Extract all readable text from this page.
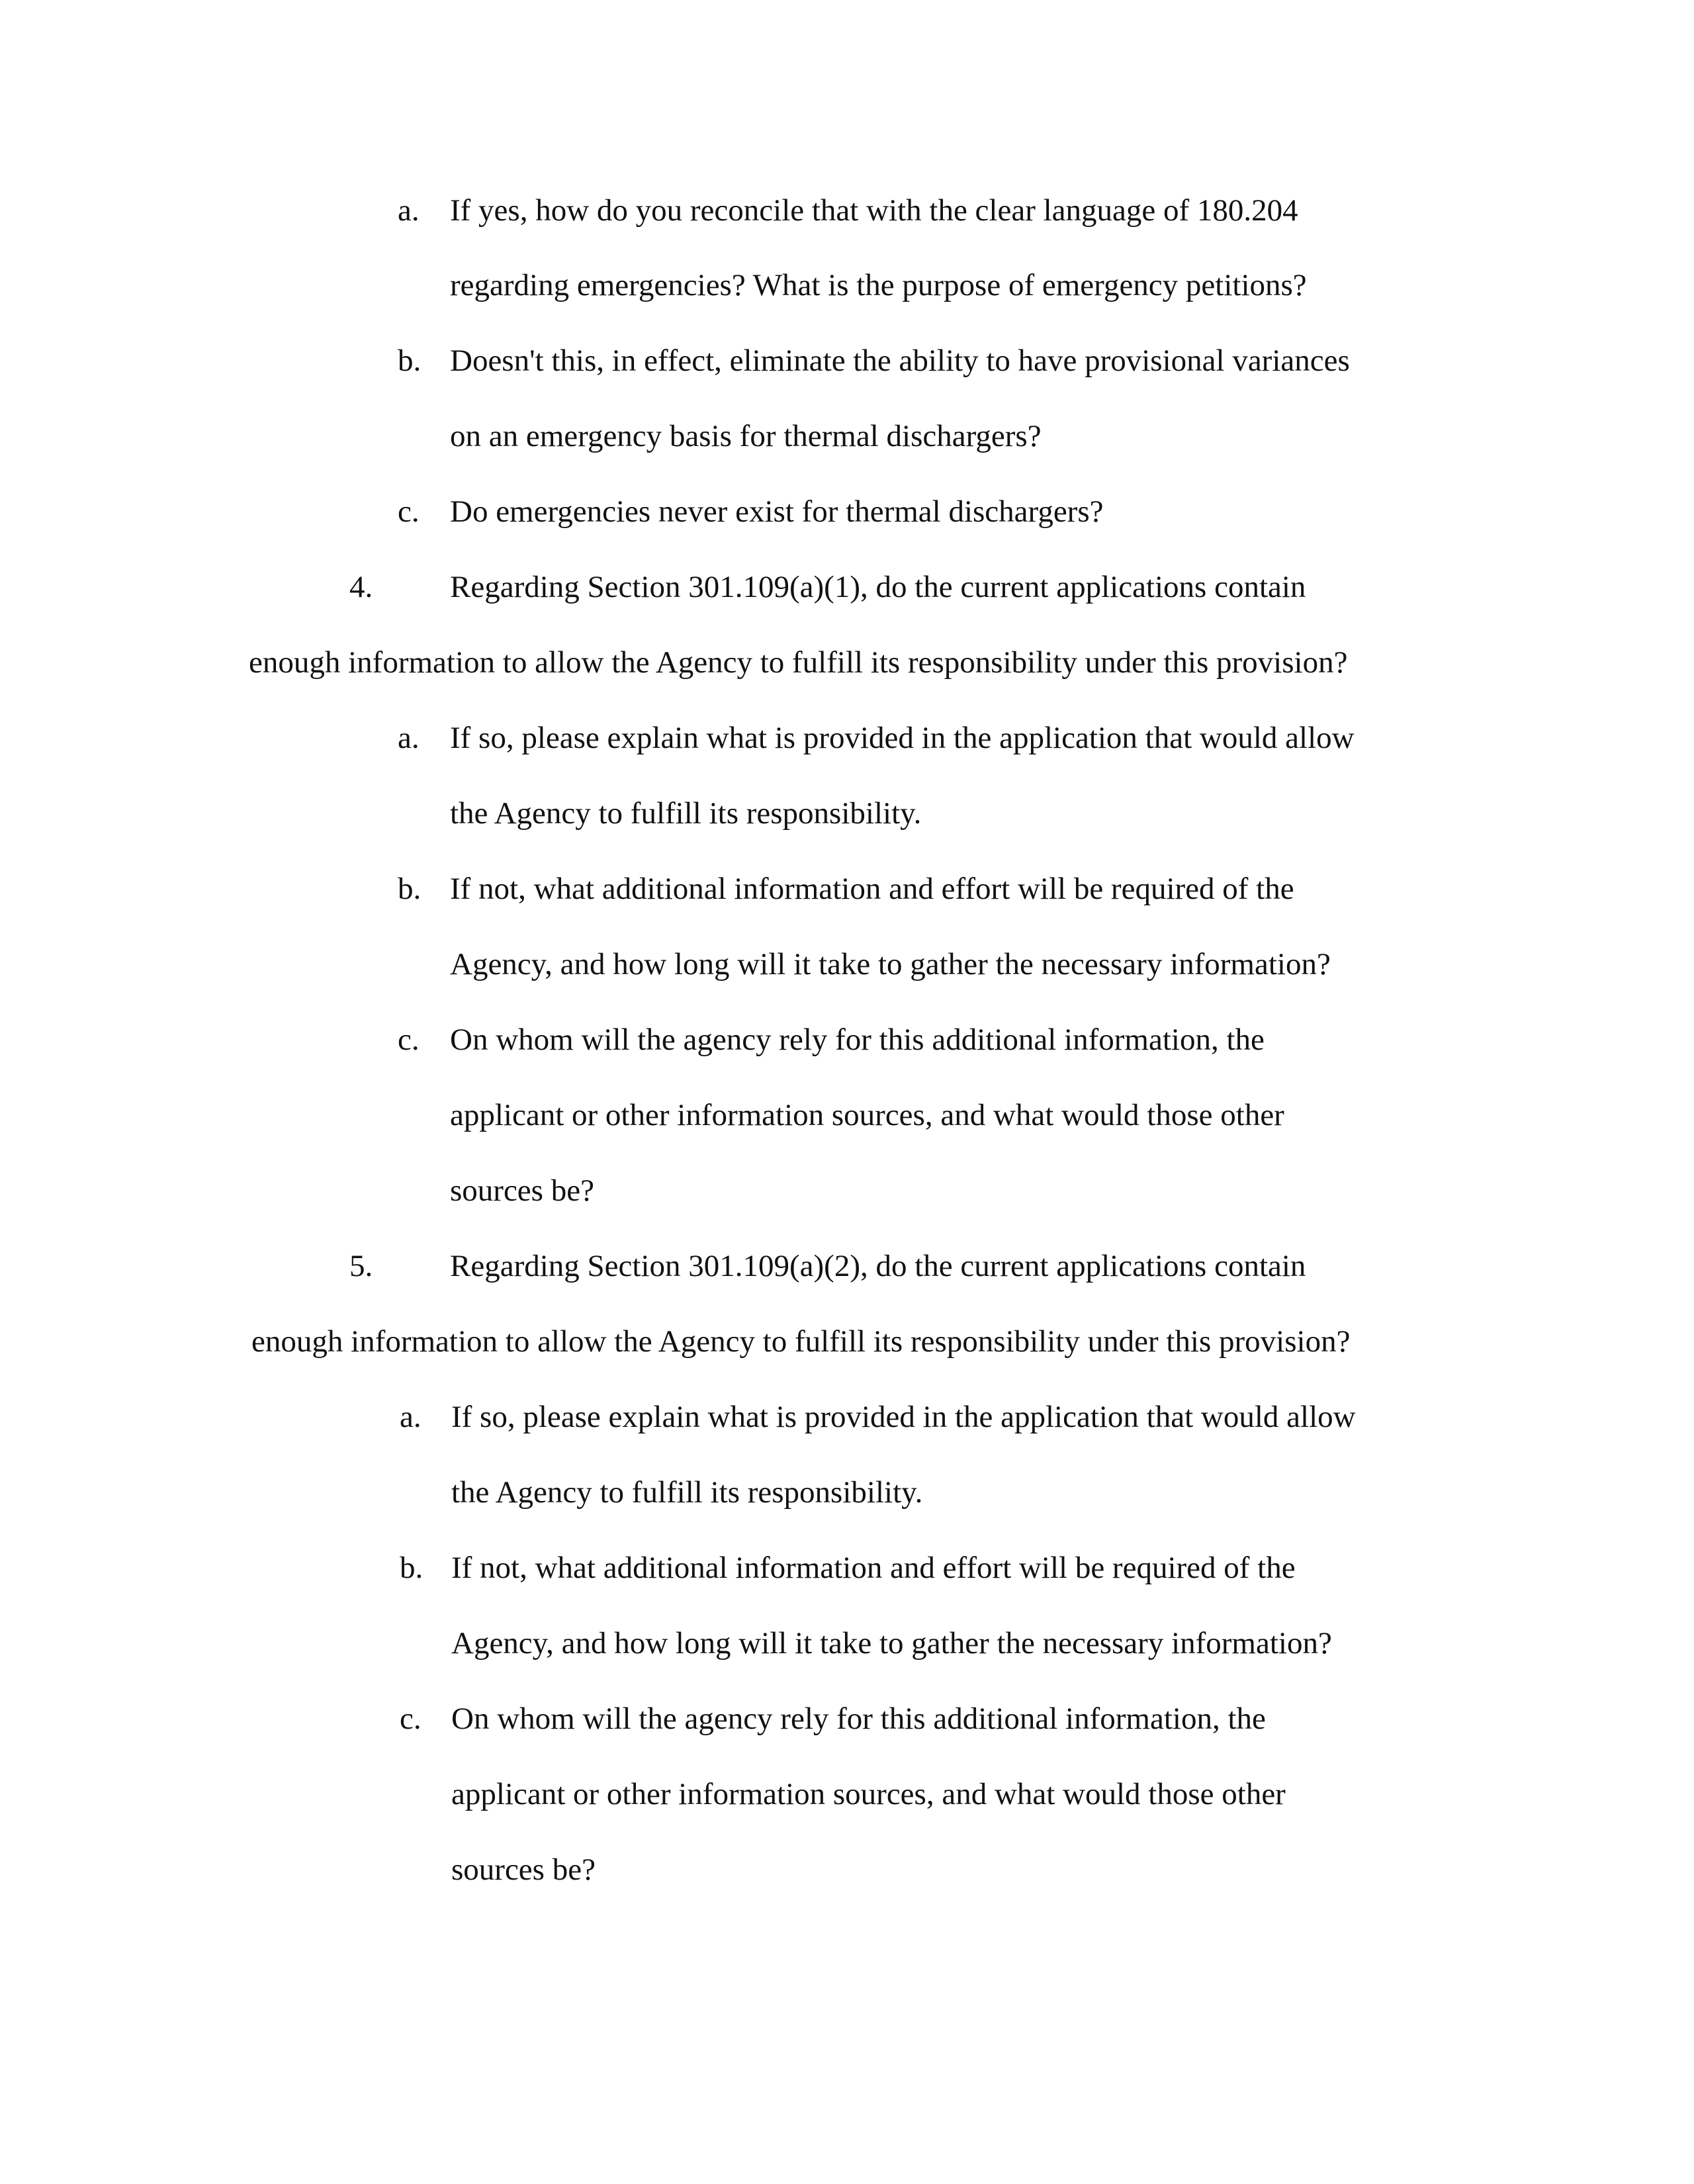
a. If yes, how do you reconcile that with the clear language of 180.204

regarding emergencies? What is the purpose of emergency petitions?

b. Doesn't this, in effect, eliminate the ability to have provisional variances

on an emergency basis for thermal dischargers?

c. Do emergencies never exist for thermal dischargers?

4. Regarding Section 301.109(a)(1), do the current applications contain

enough information to allow the Agency to fulfill its responsibility under this provision?

a. If so, please explain what is provided in the application that would allow

the Agency to fulfill its responsibility.

b. If not, what additional information and effort will be required of the

Agency, and how long will it take to gather the necessary information?

c. On whom will the agency rely for this additional information, the

applicant or other information sources, and what would those other

sources be?

5. Regarding Section 301.109(a)(2), do the current applications contain

enough information to allow the Agency to fulfill its responsibility under this provision?

a. If so, please explain what is provided in the application that would allow

the Agency to fulfill its responsibility.

b. If not, what additional information and effort will be required of the

Agency, and how long will it take to gather the necessary information?

c. On whom will the agency rely for this additional information, the

applicant or other information sources, and what would those other

sources be?
